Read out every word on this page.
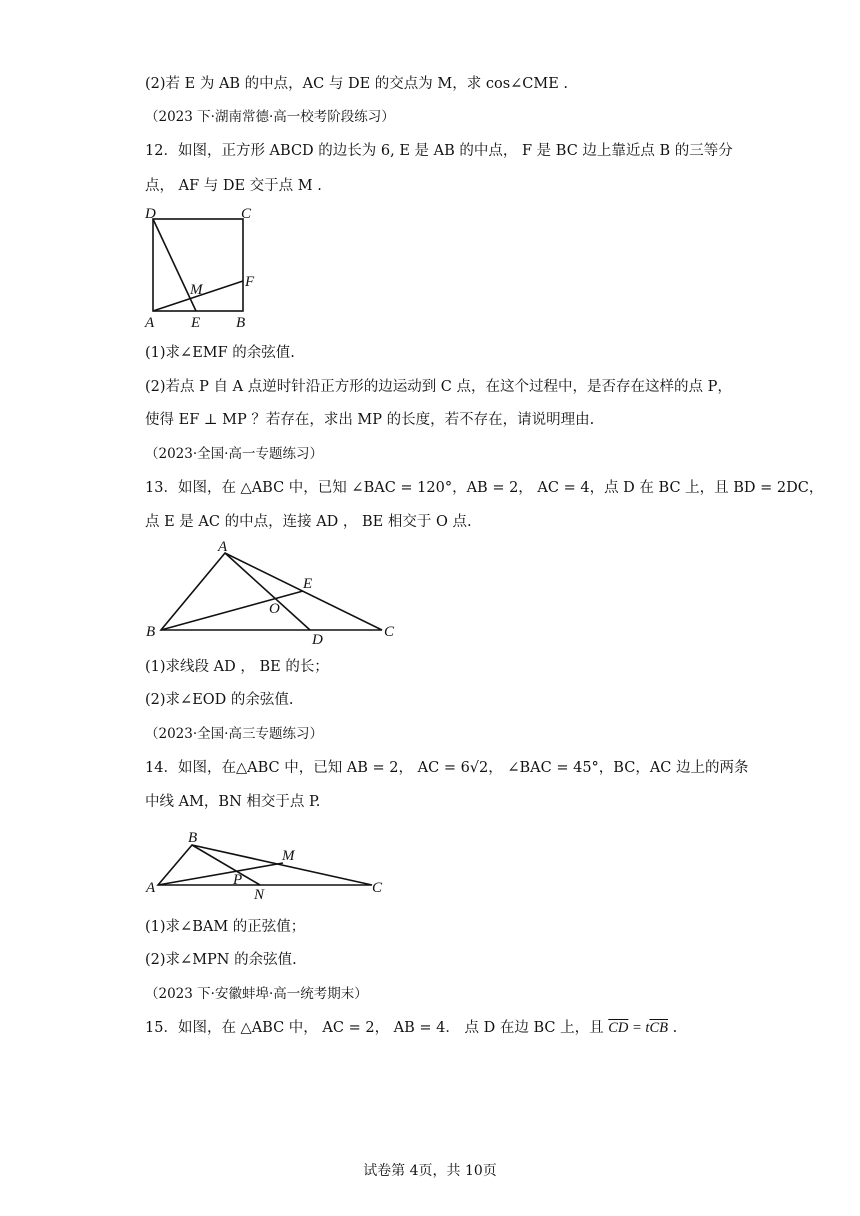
(2)若 E 为 AB 的中点，AC 与 DE 的交点为 M，求 cos∠CME .
（2023 下·湖南常德·高一校考阶段练习）
12．如图，正方形 ABCD 的边长为 6, E 是 AB 的中点， F 是 BC 边上靠近点 B 的三等分
点， AF 与 DE 交于点 M .
D	C
M	F
A E B
(1)求∠EMF 的余弦值.
(2)若点 P 自 A 点逆时针沿正方形的边运动到 C 点，在这个过程中，是否存在这样的点 P，
使得 EF ⊥ MP ？若存在，求出 MP 的长度，若不存在，请说明理由.
（2023·全国·高一专题练习）
13．如图，在 △ABC 中，已知 ∠BAC = 120°，AB = 2， AC = 4，点 D 在 BC 上，且 BD = 2DC，
点 E 是 AC 的中点，连接 AD ， BE 相交于 O 点.
A
E
O
B	D	C
(1)求线段 AD ， BE 的长；
(2)求∠EOD 的余弦值.
（2023·全国·高三专题练习）
14．如图，在△ABC 中，已知 AB = 2， AC = 6√2， ∠BAC = 45°，BC，AC 边上的两条
中线 AM，BN 相交于点 P.
B
M
P
A	N	C
(1)求∠BAM 的正弦值；
(2)求∠MPN 的余弦值.
（2023 下·安徽蚌埠·高一统考期末）
15．如图，在 △ABC 中， AC = 2， AB = 4． 点 D 在边 BC 上，且 $\overline{CD} = t\overline{CB}$ .
试卷第 4页，共 10页
